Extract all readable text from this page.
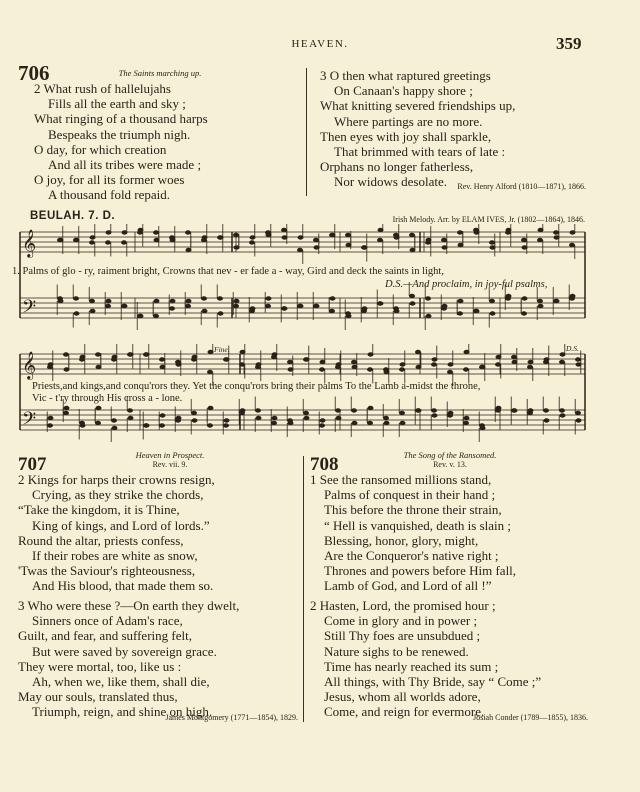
HEAVEN.	359
706	The Saints marching up.
2 What rush of hallelujahs
Fills all the earth and sky ;
What ringing of a thousand harps
Bespeaks the triumph nigh.
O day, for which creation
And all its tribes were made ;
O joy, for all its former woes
A thousand fold repaid.
3 O then what raptured greetings
On Canaan's happy shore ;
What knitting severed friendships up,
Where partings are no more.
Then eyes with joy shall sparkle,
That brimmed with tears of late :
Orphans no longer fatherless,
Nor widows desolate.	Rev. Henry Alford (1810—1871), 1866.
BEULAH. 7. D.	Irish Melody. Arr. by ELAM IVES, Jr. (1802—1864), 1846.
𝄞
𝄢
1. Palms of glo - ry, raiment bright, Crowns that nev - er fade a - way, Gird and deck the saints in light,
D.S.—And proclaim, in joy-ful psalms,
𝄞
𝄢
Fine.	D.S.
Priests,and kings,and conqu'rors they. Yet the conqu'rors bring their palms To the Lamb a-midst the throne,
Vic - t'ry through His cross a - lone.
707	Heaven in Prospect.
Rev. vii. 9.
2 Kings for harps their crowns resign,
Crying, as they strike the chords,
“Take the kingdom, it is Thine,
King of kings, and Lord of lords.”
Round the altar, priests confess,
If their robes are white as snow,
'Twas the Saviour's righteousness,
And His blood, that made them so.
3 Who were these ?—On earth they dwelt,
Sinners once of Adam's race,
Guilt, and fear, and suffering felt,
But were saved by sovereign grace.
They were mortal, too, like us :
Ah, when we, like them, shall die,
May our souls, translated thus,
Triumph, reign, and shine on high.
James Montgomery (1771—1854), 1829.
708	The Song of the Ransomed.
Rev. v. 13.
1 See the ransomed millions stand,
Palms of conquest in their hand ;
This before the throne their strain,
“ Hell is vanquished, death is slain ;
Blessing, honor, glory, might,
Are the Conqueror's native right ;
Thrones and powers before Him fall,
Lamb of God, and Lord of all !”
2 Hasten, Lord, the promised hour ;
Come in glory and in power ;
Still Thy foes are unsubdued ;
Nature sighs to be renewed.
Time has nearly reached its sum ;
All things, with Thy Bride, say “ Come ;”
Jesus, whom all worlds adore,
Come, and reign for evermore.
Josiah Conder (1789—1855), 1836.
